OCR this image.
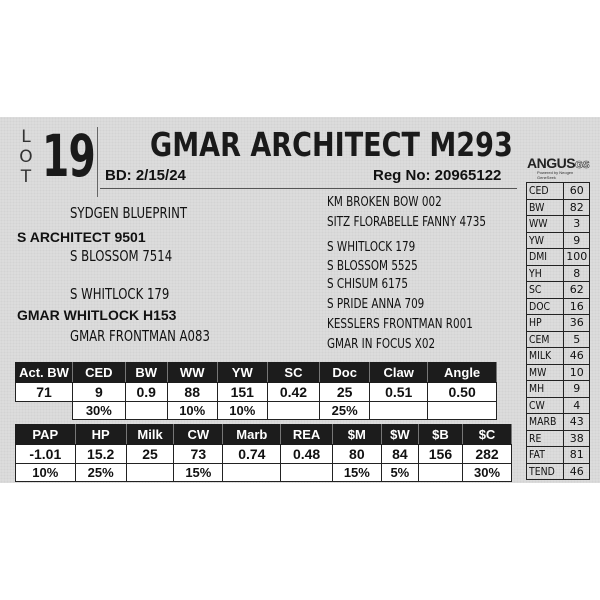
L
O
T 19 GMAR ARCHITECT M293
BD: 2/15/24	Reg No: 20965122
ANGUSGS
Powered by Neogen GeneSeek
SYDGEN BLUEPRINT
S ARCHITECT 9501
S BLOSSOM 7514
S WHITLOCK 179
GMAR WHITLOCK H153
GMAR FRONTMAN A083
KM BROKEN BOW 002
SITZ FLORABELLE FANNY 4735
S WHITLOCK 179
S BLOSSOM 5525
S CHISUM 6175
S PRIDE ANNA 709
KESSLERS FRONTMAN R001
GMAR IN FOCUS X02
CED	60
BW	82
WW	3
YW	9
DMI	100
YH	8
SC	62
DOC	16
HP	36
CEM	5
MILK	46
MW	10
MH	9
CW	4
MARB	43
RE	38
FAT	81
TEND	46
Act. BW	CED	BW	WW	YW	SC	Doc	Claw	Angle
71	9	0.9	88	151	0.42	25	0.51	0.50
	30%		10%	10%		25%		
PAP	HP	Milk	CW	Marb	REA	$M	$W	$B	$C
-1.01	15.2	25	73	0.74	0.48	80	84	156	282
10%	25%		15%			15%	5%		30%
